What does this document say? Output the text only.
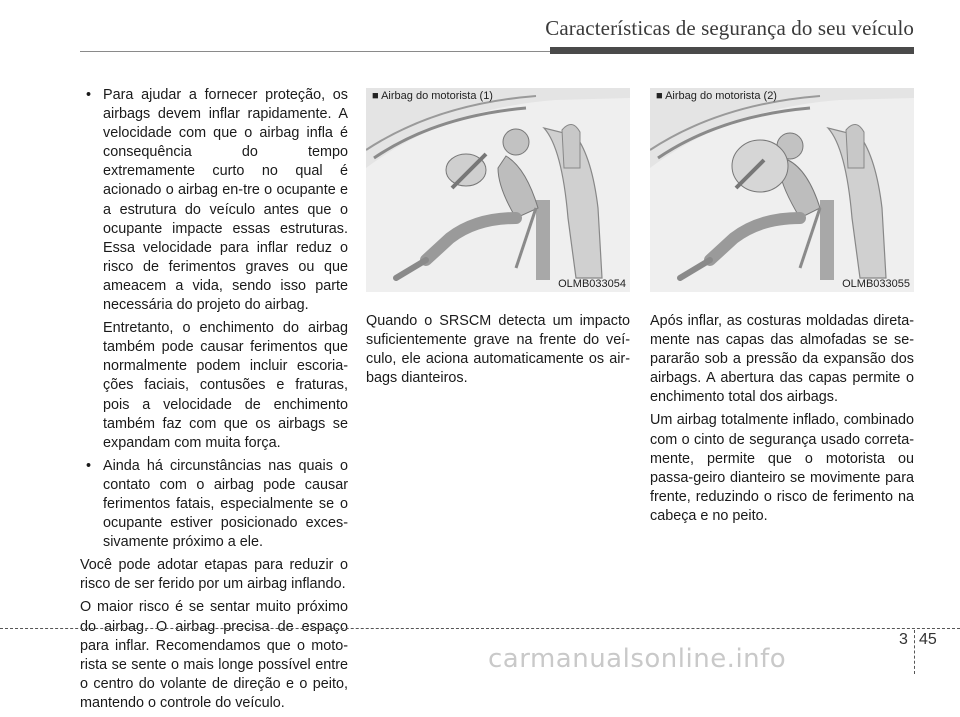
Características de segurança do seu veículo
• Para ajudar a fornecer proteção, os airbags devem inflar rapidamente. A velocidade com que o airbag infla é consequência do tempo extremamente curto no qual é acionado o airbag en-tre o ocupante e a estrutura do veículo antes que o ocupante impacte essas estruturas. Essa velocidade para inflar reduz o risco de ferimentos graves ou que ameacem a vida, sendo isso parte necessária do projeto do airbag.

Entretanto, o enchimento do airbag também pode causar ferimentos que normalmente podem incluir escoria-ções faciais, contusões e fraturas, pois a velocidade de enchimento também faz com que os airbags se expandam com muita força.

• Ainda há circunstâncias nas quais o contato com o airbag pode causar ferimentos fatais, especialmente se o ocupante estiver posicionado exces-sivamente próximo a ele.

Você pode adotar etapas para reduzir o risco de ser ferido por um airbag inflando.

O maior risco é se sentar muito próximo do airbag. O airbag precisa de espaço para inflar. Recomendamos que o moto-rista se sente o mais longe possível entre o centro do volante de direção e o peito, mantendo o controle do veículo.

■ Airbag do motorista (1)
OLMB033054
■ Airbag do motorista (2)
OLMB033055

Quando o SRSCM detecta um impacto suficientemente grave na frente do veí-culo, ele aciona automaticamente os air-bags dianteiros.

Após inflar, as costuras moldadas direta-mente nas capas das almofadas se se-pararão sob a pressão da expansão dos airbags. A abertura das capas permite o enchimento total dos airbags.

Um airbag totalmente inflado, combinado com o cinto de segurança usado correta-mente, permite que o motorista ou passa-geiro dianteiro se movimente para frente, reduzindo o risco de ferimento na cabeça e no peito.

3 45
carmanualsonline.info
